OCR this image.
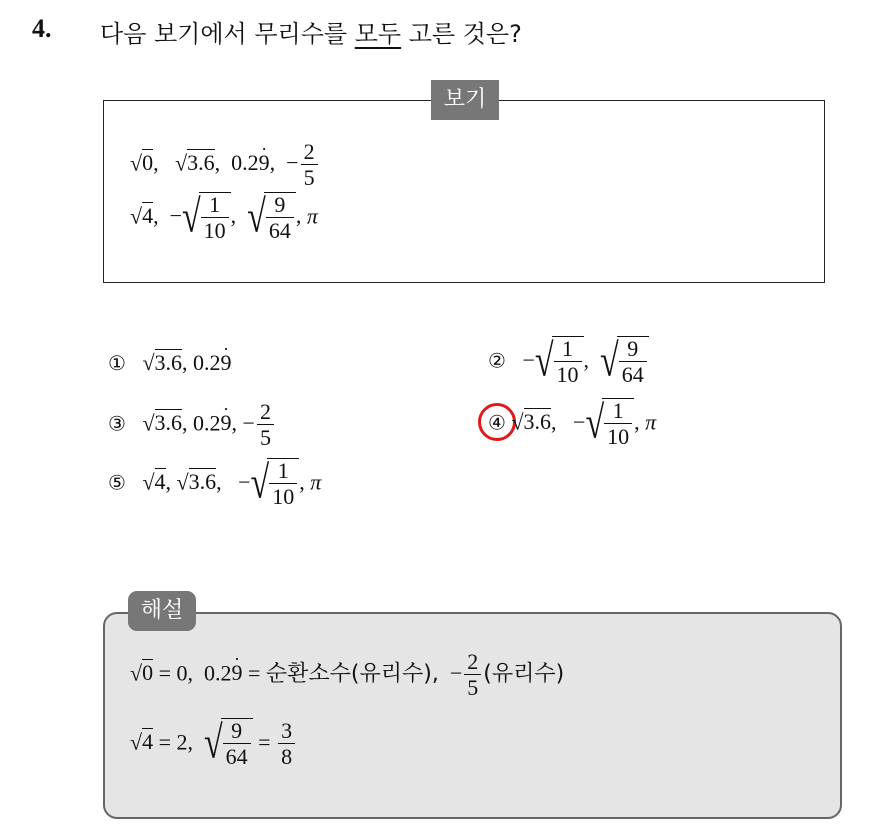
4. 다음 보기에서 무리수를 모두 고른 것은?
보기
√0, √3.6, 0.29 ·, − $\frac{2}{5}$
√4, −√ $\frac{1}{10}$ , √ $\frac{9}{64}$ , π
①   √3.6, 0.29 ·	②   −√ $\frac{1}{10}$ ,  √ $\frac{9}{64}$
③   √3.6, 0.29 ·, − $\frac{2}{5}$	④ √3.6,   −√ $\frac{1}{10}$ , π
⑤   √4, √3.6,   −√ $\frac{1}{10}$ , π
해설
√0 = 0,  0.29 · = 순환소수(유리수),  − $\frac{2}{5}$ (유리수)
√4 = 2,  √ $\frac{9}{64} = \frac{3}{8}$
